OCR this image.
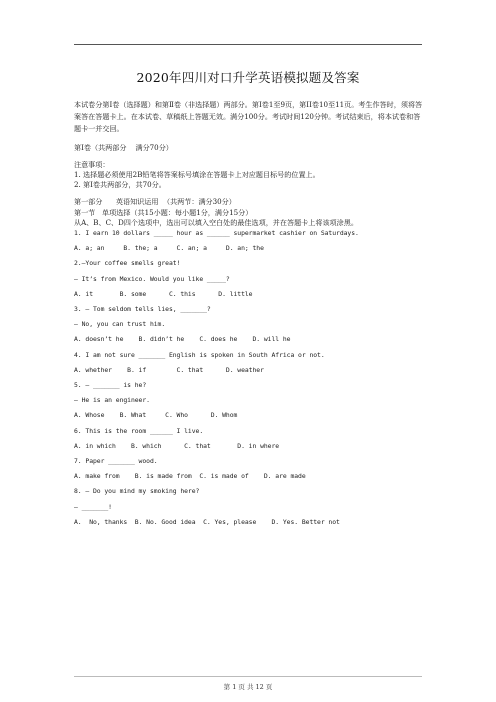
2020年四川对口升学英语模拟题及答案

本试卷分第Ⅰ卷（选择题）和第Ⅱ卷（非选择题）两部分。第Ⅰ卷1至9页，第II卷10至11页。考生作答时，须将答案答在答题卡上。在本试卷、草稿纸上答题无效。满分100分。考试时间120分钟。考试结束后，将本试卷和答题卡一并交回。

第Ⅰ卷（共两部分    满分70分）

注意事项：

1. 选择题必须使用2B铅笔将答案标号填涂在答题卡上对应题目标号的位置上。

2. 第Ⅰ卷共两部分，共70分。

第一部分      英语知识运用  （共两节：满分30分）

第一节   单项选择（共15小题：每小题1分，满分15分）

从A、B、C、D四个选项中，选出可以填入空白处的最佳选项，并在答题卡上将该项涂黑。

1. I earn 10 dollars _____ hour as ______ supermarket cashier on Saturdays.

A. a; an     B. the; a     C. an; a     D. an; the

2.—Your coffee smells great!

— It’s from Mexico. Would you like _____?

A. it       B. some      C. this      D. little

3. — Tom seldom tells lies, _______?

— No, you can trust him.

A. doesn’t he    B. didn’t he    C. does he    D. will he

4. I am not sure _______ English is spoken in South Africa or not.

A. whether    B. if        C. that      D. weather

5. — _______ is he?

— He is an engineer.

A. Whose    B. What     C. Who      D. Whom

6. This is the room ______ I live.

A. in which    B. which      C. that       D. in where

7. Paper _______ wood.

A. make from    B. is made from  C. is made of    D. are made

8. — Do you mind my smoking here?

— _______!

A.  No, thanks  B. No. Good idea  C. Yes, please    D. Yes. Better not

第 1 页 共 12 页
